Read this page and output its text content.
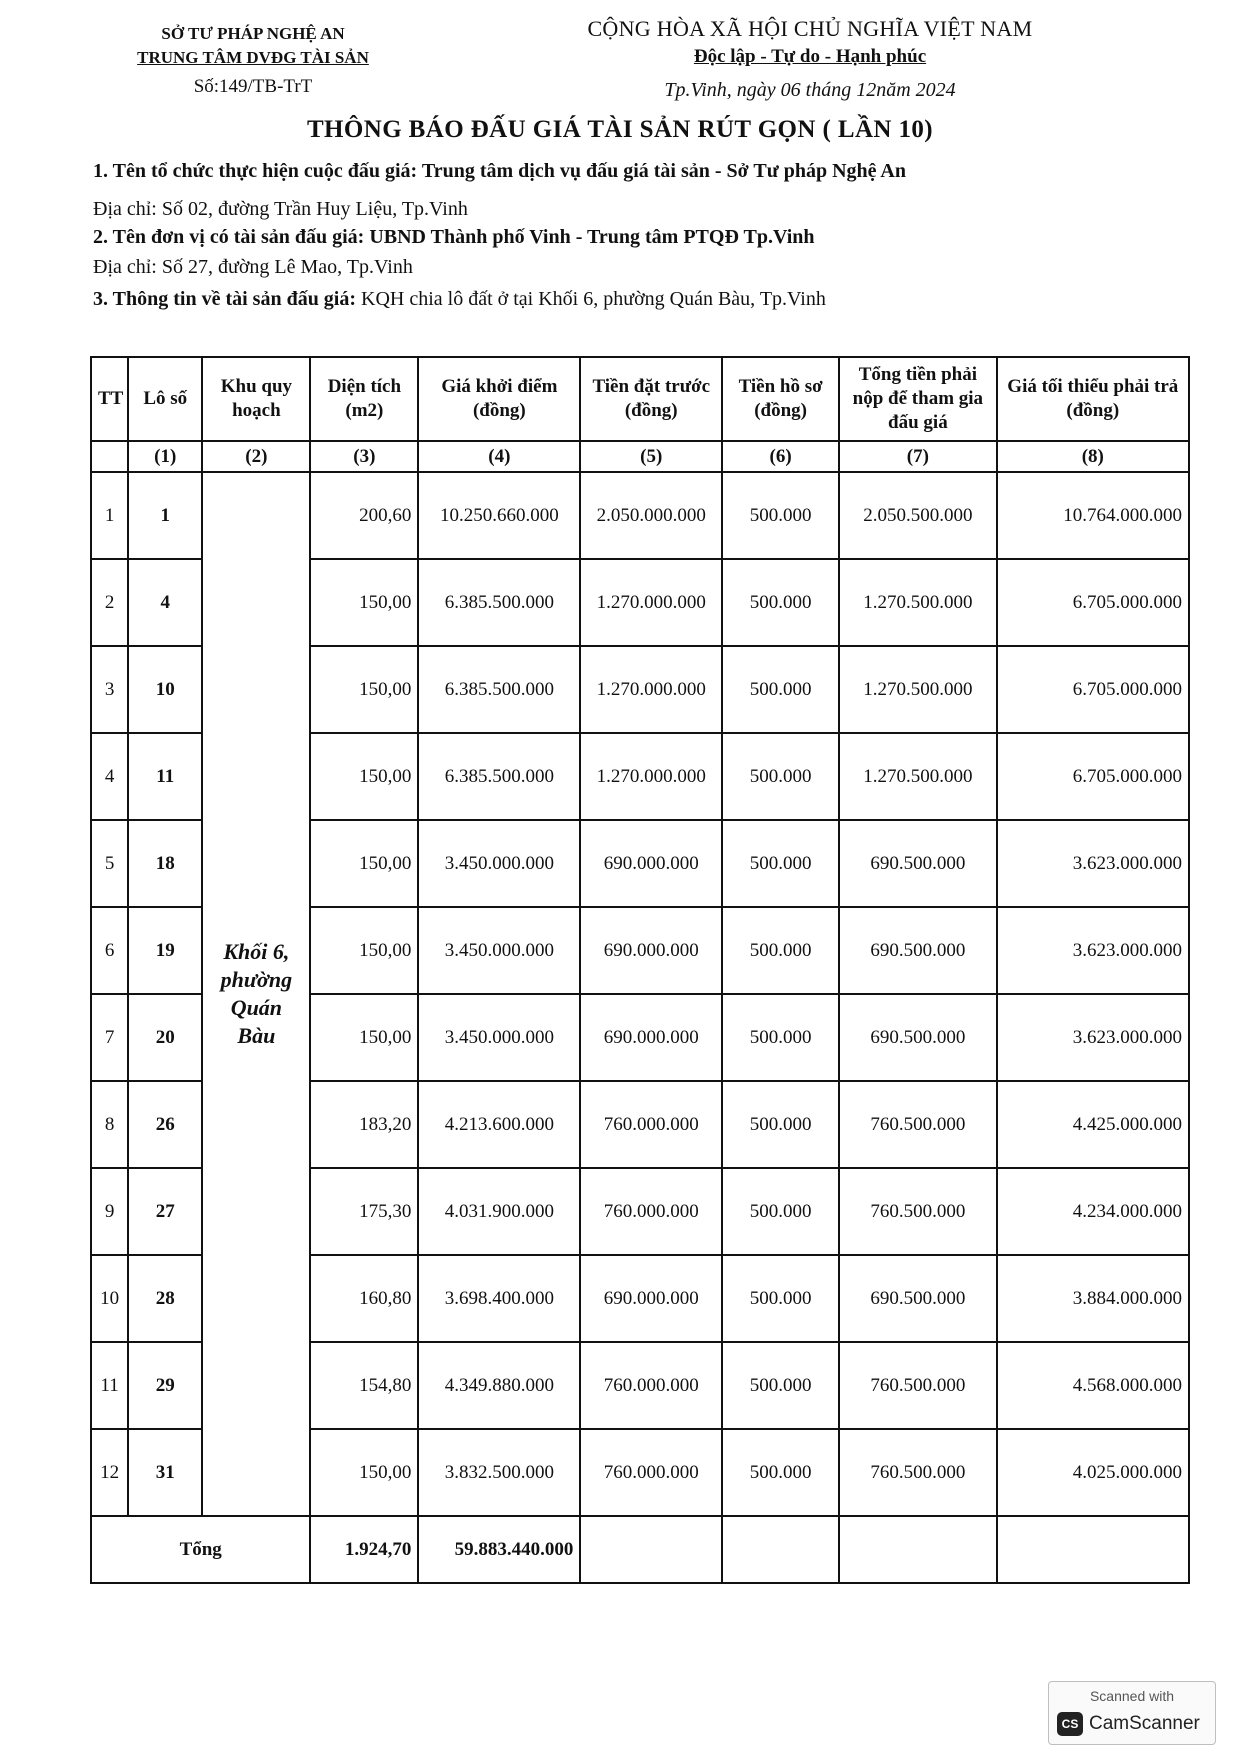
SỞ TƯ PHÁP NGHỆ AN
TRUNG TÂM DVĐG TÀI SẢN
Số:149/TB-TrT
CỘNG HÒA XÃ HỘI CHỦ NGHĨA VIỆT NAM
Độc lập - Tự do - Hạnh phúc
Tp.Vinh, ngày 06 tháng 12năm 2024
THÔNG BÁO ĐẤU GIÁ TÀI SẢN RÚT GỌN ( LẦN 10)
1. Tên tổ chức thực hiện cuộc đấu giá: Trung tâm dịch vụ đấu giá tài sản - Sở Tư pháp Nghệ An
Địa chỉ: Số 02, đường Trần Huy Liệu, Tp.Vinh
2. Tên đơn vị có tài sản đấu giá: UBND Thành phố Vinh - Trung tâm PTQĐ Tp.Vinh
Địa chỉ: Số 27, đường Lê Mao, Tp.Vinh
3. Thông tin về tài sản đấu giá: KQH chia lô đất ở tại Khối 6, phường Quán Bàu, Tp.Vinh
TT	Lô số	Khu quy hoạch	Diện tích (m2)	Giá khởi điểm (đồng)	Tiền đặt trước (đồng)	Tiền hồ sơ (đồng)	Tổng tiền phải nộp để tham gia đấu giá	Giá tối thiểu phải trả (đồng)
	(1)	(2)	(3)	(4)	(5)	(6)	(7)	(8)
1	1	Khối 6, phường Quán Bàu	200,60	10.250.660.000	2.050.000.000	500.000	2.050.500.000	10.764.000.000
2	4		150,00	6.385.500.000	1.270.000.000	500.000	1.270.500.000	6.705.000.000
3	10		150,00	6.385.500.000	1.270.000.000	500.000	1.270.500.000	6.705.000.000
4	11		150,00	6.385.500.000	1.270.000.000	500.000	1.270.500.000	6.705.000.000
5	18		150,00	3.450.000.000	690.000.000	500.000	690.500.000	3.623.000.000
6	19		150,00	3.450.000.000	690.000.000	500.000	690.500.000	3.623.000.000
7	20		150,00	3.450.000.000	690.000.000	500.000	690.500.000	3.623.000.000
8	26		183,20	4.213.600.000	760.000.000	500.000	760.500.000	4.425.000.000
9	27		175,30	4.031.900.000	760.000.000	500.000	760.500.000	4.234.000.000
10	28		160,80	3.698.400.000	690.000.000	500.000	690.500.000	3.884.000.000
11	29		154,80	4.349.880.000	760.000.000	500.000	760.500.000	4.568.000.000
12	31		150,00	3.832.500.000	760.000.000	500.000	760.500.000	4.025.000.000
Tổng			1.924,70	59.883.440.000				
Scanned with
CS CamScanner
